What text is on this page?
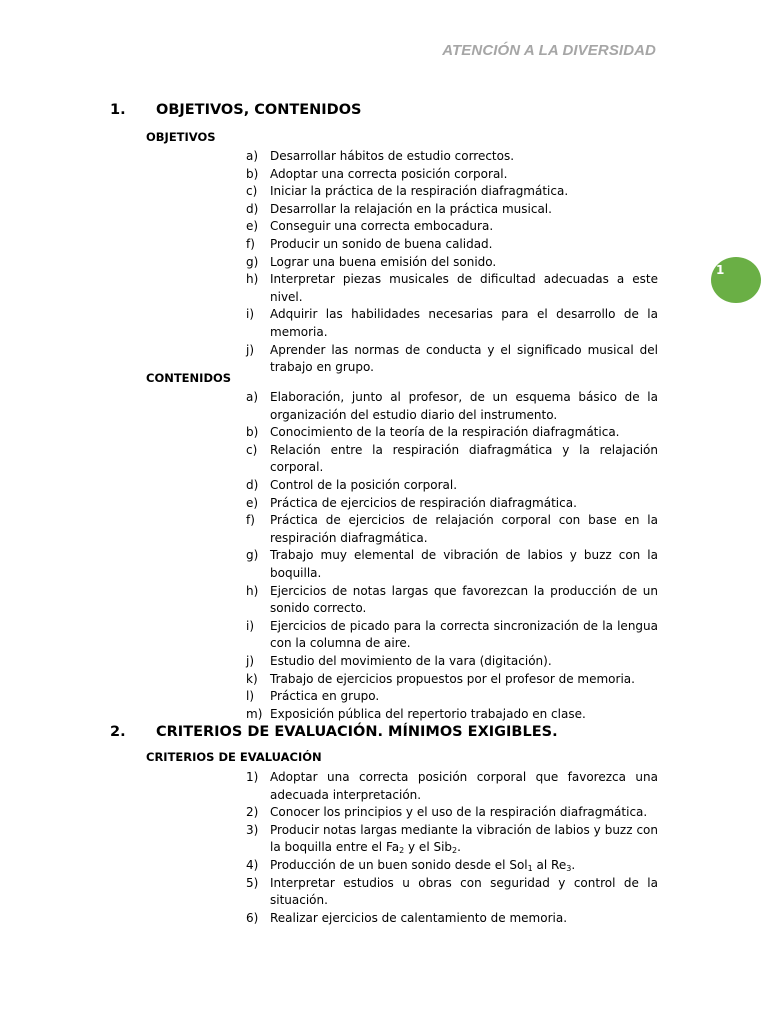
ATENCIÓN A LA DIVERSIDAD
1
1. OBJETIVOS, CONTENIDOS
OBJETIVOS
a) Desarrollar hábitos de estudio correctos.
b) Adoptar una correcta posición corporal.
c) Iniciar la práctica de la respiración diafragmática.
d) Desarrollar la relajación en la práctica musical.
e) Conseguir una correcta embocadura.
f) Producir un sonido de buena calidad.
g) Lograr una buena emisión del sonido.
h) Interpretar piezas musicales de dificultad adecuadas a este nivel.
i) Adquirir las habilidades necesarias para el desarrollo de la memoria.
j) Aprender las normas de conducta y el significado musical del trabajo en grupo.
CONTENIDOS
a) Elaboración, junto al profesor, de un esquema básico de la organización del estudio diario del instrumento.
b) Conocimiento de la teoría de la respiración diafragmática.
c) Relación entre la respiración diafragmática y la relajación corporal.
d) Control de la posición corporal.
e) Práctica de ejercicios de respiración diafragmática.
f) Práctica de ejercicios de relajación corporal con base en la respiración diafragmática.
g) Trabajo muy elemental de vibración de labios y buzz con la boquilla.
h) Ejercicios de notas largas que favorezcan la producción de un sonido correcto.
i) Ejercicios de picado para la correcta sincronización de la lengua con la columna de aire.
j) Estudio del movimiento de la vara (digitación).
k) Trabajo de ejercicios propuestos por el profesor de memoria.
l) Práctica en grupo.
m) Exposición pública del repertorio trabajado en clase.
2. CRITERIOS DE EVALUACIÓN. MÍNIMOS EXIGIBLES.
CRITERIOS DE EVALUACIÓN
1) Adoptar una correcta posición corporal que favorezca una adecuada interpretación.
2) Conocer los principios y el uso de la respiración diafragmática.
3) Producir notas largas mediante la vibración de labios y buzz con la boquilla entre el $Fa_2$ y el Sib$_2$.
4) Producción de un buen sonido desde el Sol$_1$ al $Re_3$.
5) Interpretar estudios u obras con seguridad y control de la situación.
6) Realizar ejercicios de calentamiento de memoria.
